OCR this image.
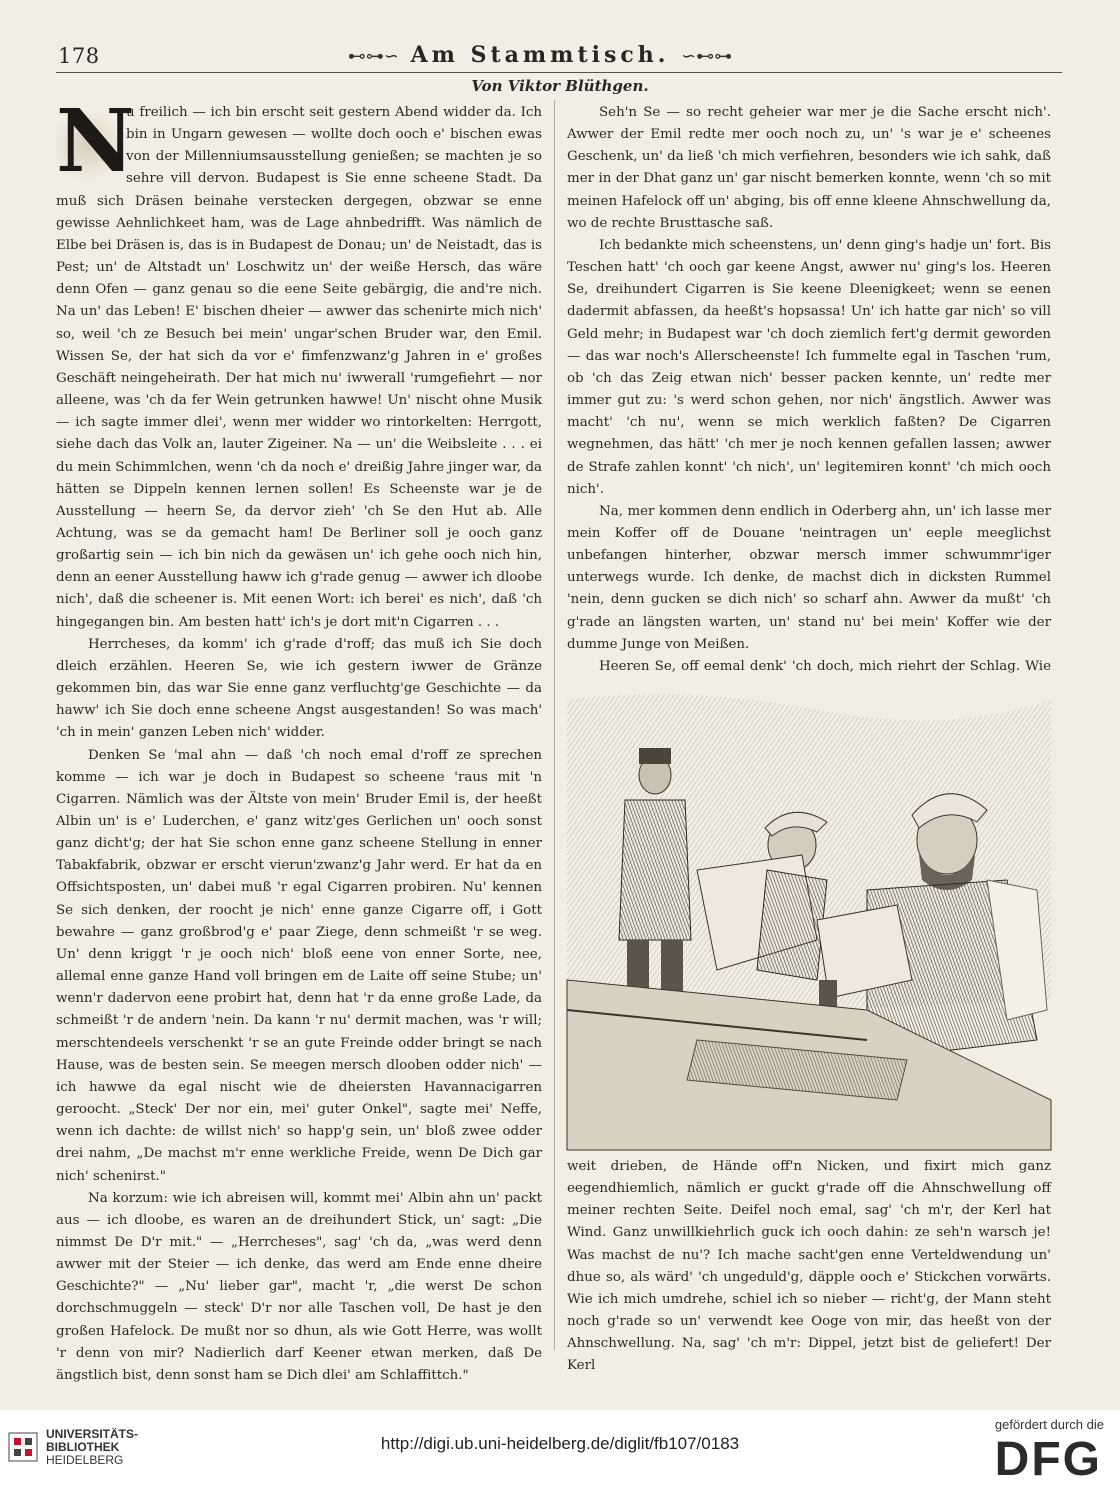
178	⊷⊶∽ Am Stammtisch. ∽⊷⊶
Von Viktor Blüthgen.

N
u freilich — ich bin erscht seit gestern Abend widder da. Ich bin in Ungarn gewesen — wollte doch ooch e' bischen ewas von der Millenniumsausstellung genießen; se machten je so sehre vill dervon. Budapest is Sie enne scheene Stadt. Da muß sich Dräsen beinahe verstecken dergegen, obzwar se enne gewisse Aehnlichkeet ham, was de Lage ahnbedrifft. Was nämlich de Elbe bei Dräsen is, das is in Budapest de Donau; un' de Neistadt, das is Pest; un' de Altstadt un' Loschwitz un' der weiße Hersch, das wäre denn Ofen — ganz genau so die eene Seite gebärgig, die and're nich. Na un' das Leben! E' bischen dheier — awwer das schenirte mich nich' so, weil 'ch ze Besuch bei mein' ungar'schen Bruder war, den Emil. Wissen Se, der hat sich da vor e' fimfenzwanz'g Jahren in e' großes Geschäft neingeheirath. Der hat mich nu' iwwerall 'rumgefiehrt — nor alleene, was 'ch da fer Wein getrunken hawwe! Un' nischt ohne Musik — ich sagte immer dlei', wenn mer widder wo rintorkelten: Herrgott, siehe dach das Volk an, lauter Zigeiner. Na — un' die Weibsleite . . . ei du mein Schimmlchen, wenn 'ch da noch e' dreißig Jahre jinger war, da hätten se Dippeln kennen lernen sollen! Es Scheenste war je de Ausstellung — heern Se, da dervor zieh' 'ch Se den Hut ab. Alle Achtung, was se da gemacht ham! De Berliner soll je ooch ganz großartig sein — ich bin nich da gewäsen un' ich gehe ooch nich hin, denn an eener Ausstellung haww ich g'rade genug — awwer ich dloobe nich', daß die scheener is. Mit eenen Wort: ich berei' es nich', daß 'ch hingegangen bin. Am besten hatt' ich's je dort mit'n Cigarren . . .

Herrcheses, da komm' ich g'rade d'roff; das muß ich Sie doch dleich erzählen. Heeren Se, wie ich gestern iwwer de Gränze gekommen bin, das war Sie enne ganz verfluchtg'ge Geschichte — da haww' ich Sie doch enne scheene Angst ausgestanden! So was mach' 'ch in mein' ganzen Leben nich' widder.

Denken Se 'mal ahn — daß 'ch noch emal d'roff ze sprechen komme — ich war je doch in Budapest so scheene 'raus mit 'n Cigarren. Nämlich was der Ältste von mein' Bruder Emil is, der heeßt Albin un' is e' Luderchen, e' ganz witz'ges Gerlichen un' ooch sonst ganz dicht'g; der hat Sie schon enne ganz scheene Stellung in enner Tabakfabrik, obzwar er erscht vierun'zwanz'g Jahr werd. Er hat da en Offsichtsposten, un' dabei muß 'r egal Cigarren probiren. Nu' kennen Se sich denken, der roocht je nich' enne ganze Cigarre off, i Gott bewahre — ganz großbrod'g e' paar Ziege, denn schmeißt 'r se weg. Un' denn kriggt 'r je ooch nich' bloß eene von enner Sorte, nee, allemal enne ganze Hand voll bringen em de Laite off seine Stube; un' wenn'r dadervon eene probirt hat, denn hat 'r da enne große Lade, da schmeißt 'r de andern 'nein. Da kann 'r nu' dermit machen, was 'r will; merschtendeels verschenkt 'r se an gute Freinde odder bringt se nach Hause, was de besten sein. Se meegen mersch dlooben odder nich' — ich hawwe da egal nischt wie de dheiersten Havannacigarren geroocht. „Steck' Der nor ein, mei' guter Onkel", sagte mei' Neffe, wenn ich dachte: de willst nich' so happ'g sein, un' bloß zwee odder drei nahm, „De machst m'r enne werkliche Freide, wenn De Dich gar nich' schenirst."

Na korzum: wie ich abreisen will, kommt mei' Albin ahn un' packt aus — ich dloobe, es waren an de dreihundert Stick, un' sagt: „Die nimmst De D'r mit." — „Herrcheses", sag' 'ch da, „was werd denn awwer mit der Steier — ich denke, das werd am Ende enne dheire Geschichte?" — „Nu' lieber gar", macht 'r, „die werst De schon dorchschmuggeln — steck' D'r nor alle Taschen voll, De hast je den großen Hafelock. De mußt nor so dhun, als wie Gott Herre, was wollt 'r denn von mir? Nadierlich darf Keener etwan merken, daß De ängstlich bist, denn sonst ham se Dich dlei' am Schlaffittch."

Seh'n Se — so recht geheier war mer je die Sache erscht nich'. Awwer der Emil redte mer ooch noch zu, un' 's war je e' scheenes Geschenk, un' da ließ 'ch mich verfiehren, besonders wie ich sahk, daß mer in der Dhat ganz un' gar nischt bemerken konnte, wenn 'ch so mit meinen Hafelock off un' abging, bis off enne kleene Ahnschwellung da, wo de rechte Brusttasche saß.

Ich bedankte mich scheenstens, un' denn ging's hadje un' fort. Bis Teschen hatt' 'ch ooch gar keene Angst, awwer nu' ging's los. Heeren Se, dreihundert Cigarren is Sie keene Dleenigkeet; wenn se eenen dadermit abfassen, da heeßt's hopsassa! Un' ich hatte gar nich' so vill Geld mehr; in Budapest war 'ch doch ziemlich fert'g dermit geworden — das war noch's Allerscheenste! Ich fummelte egal in Taschen 'rum, ob 'ch das Zeig etwan nich' besser packen kennte, un' redte mer immer gut zu: 's werd schon gehen, nor nich' ängstlich. Awwer was macht' 'ch nu', wenn se mich werklich faßten? De Cigarren wegnehmen, das hätt' 'ch mer je noch kennen gefallen lassen; awwer de Strafe zahlen konnt' 'ch nich', un' legitemiren konnt' 'ch mich ooch nich'.

Na, mer kommen denn endlich in Oderberg ahn, un' ich lasse mer mein Koffer off de Douane 'neintragen un' eeple meeglichst unbefangen hinterher, obzwar mersch immer schwummr'iger unterwegs wurde. Ich denke, de machst dich in dicksten Rummel 'nein, denn gucken se dich nich' so scharf ahn. Awwer da mußt' 'ch g'rade an längsten warten, un' stand nu' bei mein' Koffer wie der dumme Junge von Meißen.

Heeren Se, off eemal denk' 'ch doch, mich riehrt der Schlag. Wie

weit drieben, de Hände off'n Nicken, und fixirt mich ganz eegendhiemlich, nämlich er guckt g'rade off die Ahnschwellung off meiner rechten Seite. Deifel noch emal, sag' 'ch m'r, der Kerl hat Wind. Ganz unwillkiehrlich guck ich ooch dahin: ze seh'n warsch je! Was machst de nu'? Ich mache sacht'gen enne Verteldwendung un' dhue so, als wärd' 'ch ungeduld'g, däpple ooch e' Stickchen vorwärts. Wie ich mich umdrehe, schiel ich so nieber — richt'g, der Mann steht noch g'rade so un' verwendt kee Ooge von mir, das heeßt von der Ahnschwellung. Na, sag' 'ch m'r: Dippel, jetzt bist de geliefert! Der Kerl

UNIVERSITÄTS-
BIBLIOTHEK
HEIDELBERG
http://digi.ub.uni-heidelberg.de/diglit/fb107/0183
gefördert durch die
DFG
